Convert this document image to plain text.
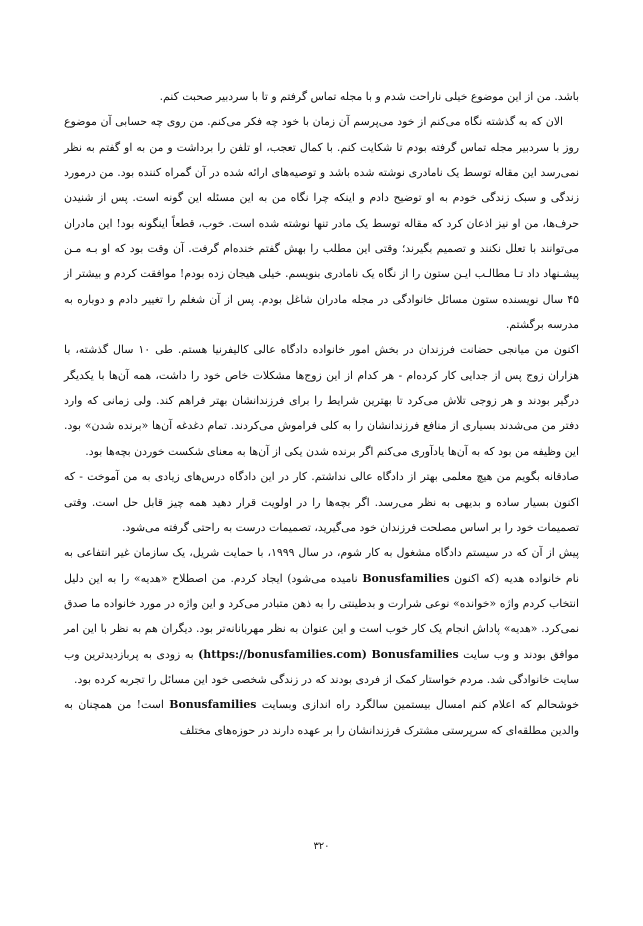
باشد. من از این موضوع خیلی ناراحت شدم و با مجله تماس گرفتم و تا با سردبیر صحبت کنم.

الان که به گذشته نگاه می‌کنم از خود می‌پرسم آن زمان با خود چه فکر می‌کنم. من روی چه حسابی آن موضوع روز با سردبیر مجله تماس گرفته بودم تا شکایت کنم. با کمال تعجب، او تلفن را برداشت و من به او گفتم به نظر نمی‌رسد این مقاله توسط یک نامادری نوشته شده باشد و توصیه‌های ارائه شده در آن گمراه کننده بود. من درمورد زندگی و سبک زندگی خودم به او توضیح دادم و اینکه چرا نگاه من به این مسئله این گونه است. پس از شنیدن حرف‌ها، من او نیز اذعان کرد که مقاله توسط یک مادر تنها نوشته شده است. خوب، قطعاً اینگونه بود! این مادران می‌توانند با تعلل نکنند و تصمیم بگیرند؛ وقتی این مطلب را بهش گفتم خنده‌ام گرفت. آن وقت بود که او بـه مـن پیشـنهاد داد تـا مطالـب ایـن ستون را از نگاه یک نامادری بنویسم. خیلی هیجان زده بودم! موافقت کردم و بیشتر از ۴۵ سال نویسنده ستون مسائل خانوادگی در مجله مادران شاغل بودم. پس از آن شغلم را تغییر دادم و دوباره به مدرسه برگشتم.

اکنون من میانجی حضانت فرزندان در بخش امور خانواده دادگاه عالی کالیفرنیا هستم. طی ۱۰ سال گذشته، با هزاران زوج پس از جدایی کار کرده‌ام - هر کدام از این زوج‌ها مشکلات خاص خود را داشت، همه آن‌ها با یکدیگر درگیر بودند و هر زوجی تلاش می‌کرد تا بهترین شرایط را برای فرزندانشان بهتر فراهم کند. ولی زمانی که وارد دفتر من می‌شدند بسیاری از منافع فرزندانشان را به کلی فراموش می‌کردند. تمام دغدغه آن‌ها «برنده شدن» بود. این وظیفه من بود که به آن‌ها یادآوری می‌کنم اگر برنده شدن یکی از آن‌ها به معنای شکست خوردن بچه‌ها بود.

صادقانه بگویم من هیچ معلمی بهتر از دادگاه عالی نداشتم. کار در این دادگاه درس‌های زیادی به من آموخت - که اکنون بسیار ساده و بدیهی به نظر می‌رسد. اگر بچه‌ها را در اولویت قرار دهید همه چیز قابل حل است. وقتی تصمیمات خود را بر اساس مصلحت فرزندان خود می‌گیرید، تصمیمات درست به راحتی گرفته می‌شود.

پیش از آن که در سیستم دادگاه مشغول به کار شوم، در سال ۱۹۹۹، با حمایت شریل، یک سازمان غیر انتفاعی به نام خانواده هدیه (که اکنون Bonusfamilies نامیده می‌شود) ایجاد کردم. من اصطلاح «هدیه» را به این دلیل انتخاب کردم واژه «خوانده» نوعی شرارت و بدطینتی را به ذهن متبادر می‌کرد و این واژه در مورد خانواده ما صدق نمی‌کرد. «هدیه» پاداش انجام یک کار خوب است و این عنوان به نظر مهربانانه‌تر بود. دیگران هم به نظر با این امر موافق بودند و وب سایت Bonusfamilies (https://bonusfamilies.com) به زودی به پربازدیدترین وب سایت خانوادگی شد. مردم خواستار کمک از فردی بودند که در زندگی شخصی خود این مسائل را تجربه کرده بود.

خوشحالم که اعلام کنم امسال بیستمین سالگرد راه اندازی وبسایت Bonusfamilies است! من همچنان به والدین مطلقه‌ای که سرپرستی مشترک فرزندانشان را بر عهده دارند در حوزه‌های مختلف

۳۲۰
